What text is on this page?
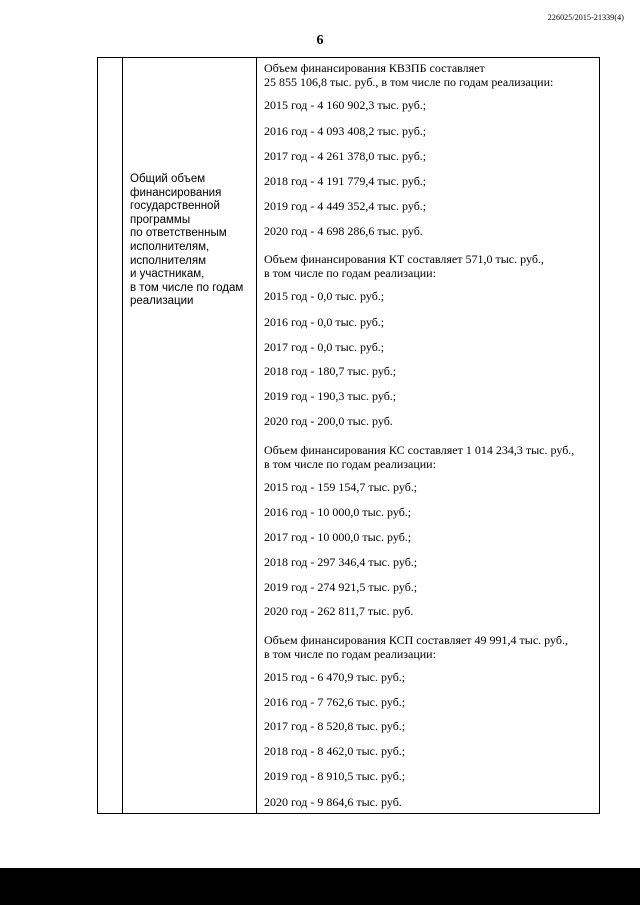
226025/2015-21339(4)
6
Общий объем
финансирования
государственной
программы
по ответственным
исполнителям,
исполнителям
и участникам,
в том числе по годам
реализации
Объем финансирования КВЗПБ составляет
25 855 106,8 тыс. руб., в том числе по годам реализации:
2015 год - 4 160 902,3 тыс. руб.;
2016 год - 4 093 408,2 тыс. руб.;
2017 год - 4 261 378,0 тыс. руб.;
2018 год - 4 191 779,4 тыс. руб.;
2019 год - 4 449 352,4 тыс. руб.;
2020 год - 4 698 286,6 тыс. руб.
Объем финансирования КТ составляет 571,0 тыс. руб.,
в том числе по годам реализации:
2015 год - 0,0 тыс. руб.;
2016 год - 0,0 тыс. руб.;
2017 год - 0,0 тыс. руб.;
2018 год - 180,7 тыс. руб.;
2019 год - 190,3 тыс. руб.;
2020 год - 200,0 тыс. руб.
Объем финансирования КС составляет 1 014 234,3 тыс. руб.,
в том числе по годам реализации:
2015 год - 159 154,7 тыс. руб.;
2016 год - 10 000,0 тыс. руб.;
2017 год - 10 000,0 тыс. руб.;
2018 год - 297 346,4 тыс. руб.;
2019 год - 274 921,5 тыс. руб.;
2020 год - 262 811,7 тыс. руб.
Объем финансирования КСП составляет 49 991,4 тыс. руб.,
в том числе по годам реализации:
2015 год - 6 470,9 тыс. руб.;
2016 год - 7 762,6 тыс. руб.;
2017 год - 8 520,8 тыс. руб.;
2018 год - 8 462,0 тыс. руб.;
2019 год - 8 910,5 тыс. руб.;
2020 год - 9 864,6 тыс. руб.
